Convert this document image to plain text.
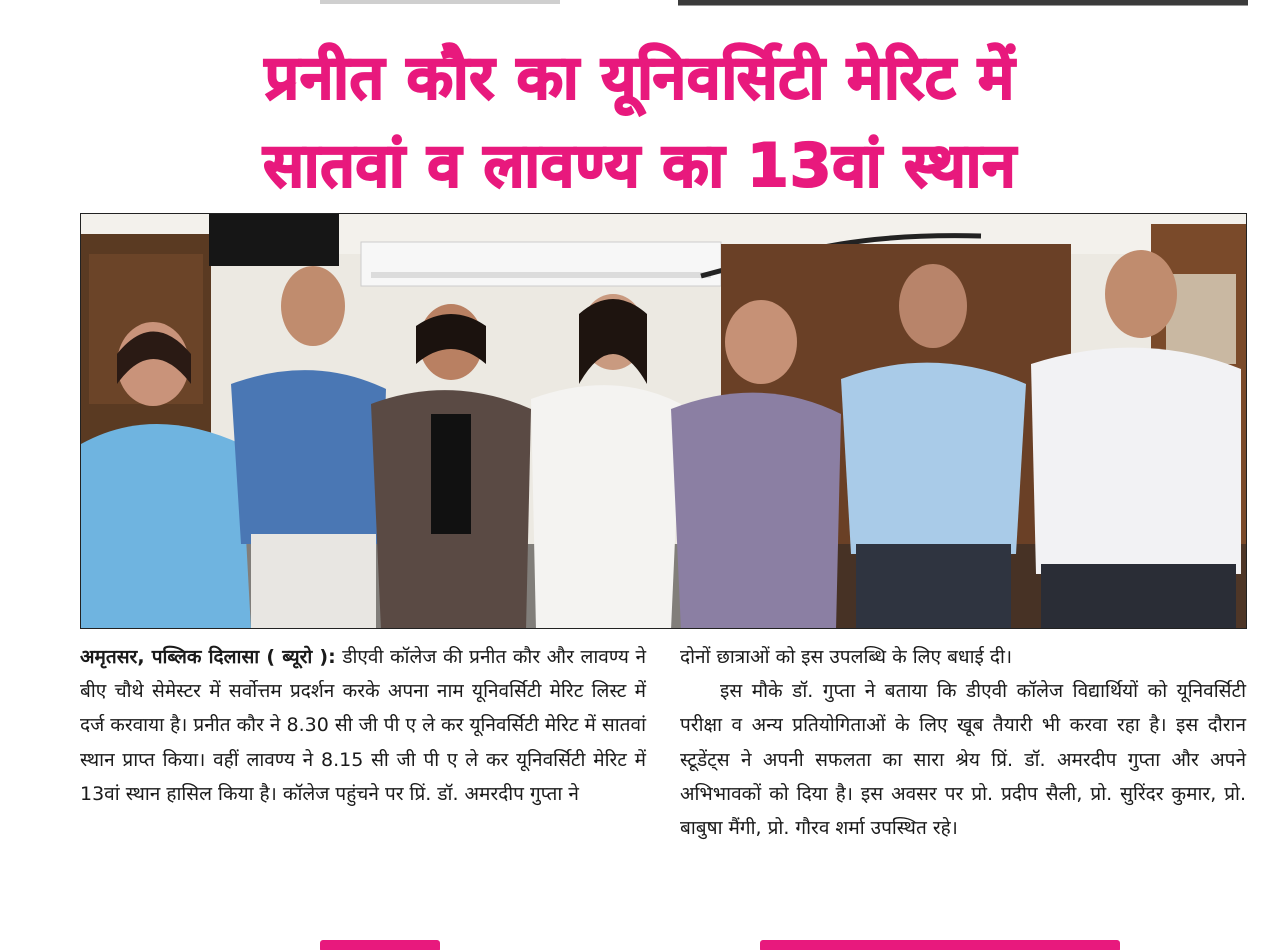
प्रनीत कौर का यूनिवर्सिटी मेरिट में
सातवां व लावण्य का 13वां स्थान

अमृतसर, पब्लिक दिलासा ( ब्यूरो ): डीएवी कॉलेज की प्रनीत कौर और लावण्य ने बीए चौथे सेमेस्टर में सर्वोत्तम प्रदर्शन करके अपना नाम यूनिवर्सिटी मेरिट लिस्ट में दर्ज करवाया है। प्रनीत कौर ने 8.30 सी जी पी ए ले कर यूनिवर्सिटी मेरिट में सातवां स्थान प्राप्त किया। वहीं लावण्य ने 8.15 सी जी पी ए ले कर यूनिवर्सिटी मेरिट में 13वां स्थान हासिल किया है। कॉलेज पहुंचने पर प्रिं. डॉ. अमरदीप गुप्ता ने

दोनों छात्राओं को इस उपलब्धि के लिए बधाई दी।

इस मौके डॉ. गुप्ता ने बताया कि डीएवी कॉलेज विद्यार्थियों को यूनिवर्सिटी परीक्षा व अन्य प्रतियोगिताओं के लिए खूब तैयारी भी करवा रहा है। इस दौरान स्टूडेंट्स ने अपनी सफलता का सारा श्रेय प्रिं. डॉ. अमरदीप गुप्ता और अपने अभिभावकों को दिया है। इस अवसर पर प्रो. प्रदीप सैली, प्रो. सुरिंदर कुमार, प्रो. बाबुषा मैंगी, प्रो. गौरव शर्मा उपस्थित रहे।
